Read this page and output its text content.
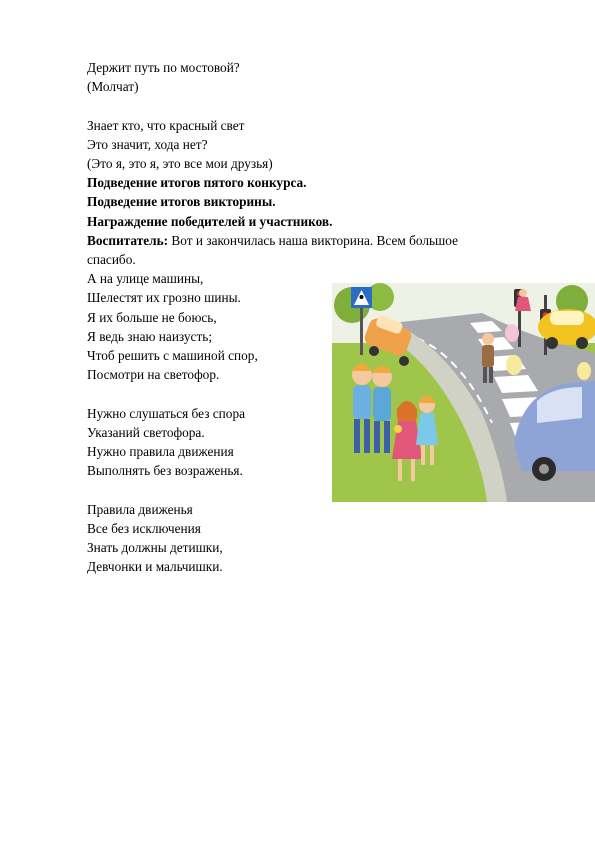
Держит путь по мостовой?

(Молчат)

Знает кто, что красный свет

Это значит, хода нет?

(Это я, это я, это все мои друзья)

Подведение итогов пятого конкурса.

Подведение итогов викторины.

Награждение победителей и участников.

Воспитатель: Вот и закончилась наша викторина. Всем большое спасибо.

А на улице машины,

Шелестят их грозно шины.

Я их больше не боюсь,

Я ведь знаю наизусть;

Чтоб решить с машиной спор,

Посмотри на светофор.

Нужно слушаться без спора

Указаний светофора.

Нужно правила движения

Выполнять без возраженья.

Правила движенья

Все без исключения

Знать должны детишки,

Девчонки и мальчишки.
